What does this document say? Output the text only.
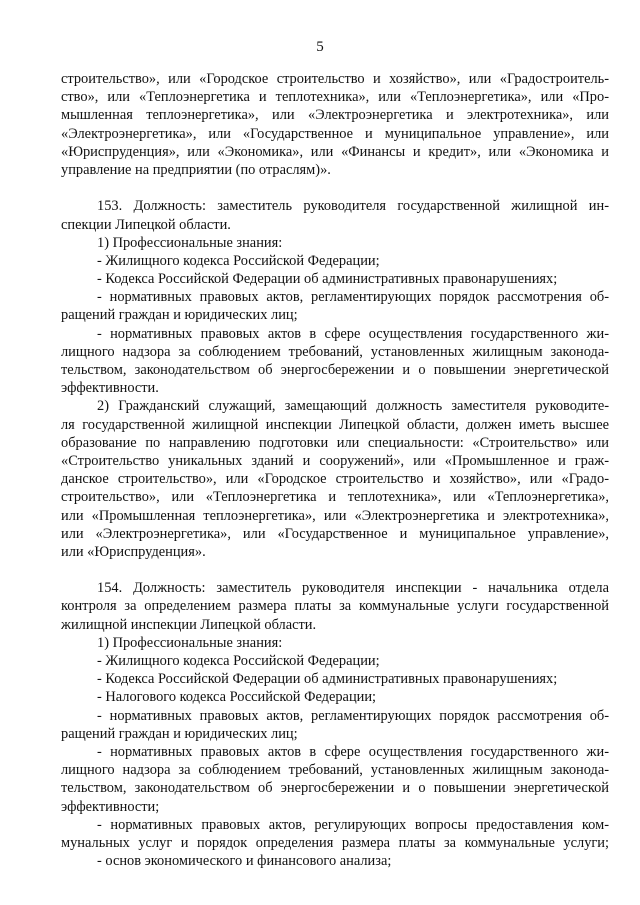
5
строительство», или «Городское строительство и хозяйство», или «Градостроитель-
ство», или «Теплоэнергетика и теплотехника», или «Теплоэнергетика», или «Про-
мышленная теплоэнергетика», или «Электроэнергетика и электротехника», или
«Электроэнергетика», или «Государственное и муниципальное управление», или
«Юриспруденция», или «Экономика», или «Финансы и кредит», или «Экономика и
управление на предприятии (по отраслям)».
153. Должность: заместитель руководителя государственной жилищной ин-
спекции Липецкой области.
1) Профессиональные знания:
- Жилищного кодекса Российской Федерации;
- Кодекса Российской Федерации об административных правонарушениях;
- нормативных правовых актов, регламентирующих порядок рассмотрения об-
ращений граждан и юридических лиц;
- нормативных правовых актов в сфере осуществления государственного жи-
лищного надзора за соблюдением требований, установленных жилищным законода-
тельством, законодательством об энергосбережении и о повышении энергетической
эффективности.
2) Гражданский служащий, замещающий должность заместителя руководите-
ля государственной жилищной инспекции Липецкой области, должен иметь высшее
образование по направлению подготовки или специальности: «Строительство» или
«Строительство уникальных зданий и сооружений», или «Промышленное и граж-
данское строительство», или «Городское строительство и хозяйство», или «Градо-
строительство», или «Теплоэнергетика и теплотехника», или «Теплоэнергетика»,
или «Промышленная теплоэнергетика», или «Электроэнергетика и электротехника»,
или «Электроэнергетика», или «Государственное и муниципальное управление»,
или «Юриспруденция».
154. Должность: заместитель руководителя инспекции - начальника отдела
контроля за определением размера платы за коммунальные услуги государственной
жилищной инспекции Липецкой области.
1) Профессиональные знания:
- Жилищного кодекса Российской Федерации;
- Кодекса Российской Федерации об административных правонарушениях;
- Налогового кодекса Российской Федерации;
- нормативных правовых актов, регламентирующих порядок рассмотрения об-
ращений граждан и юридических лиц;
- нормативных правовых актов в сфере осуществления государственного жи-
лищного надзора за соблюдением требований, установленных жилищным законода-
тельством, законодательством об энергосбережении и о повышении энергетической
эффективности;
- нормативных правовых актов, регулирующих вопросы предоставления ком-
мунальных услуг и порядок определения размера платы за коммунальные услуги;
- основ экономического и финансового анализа;
